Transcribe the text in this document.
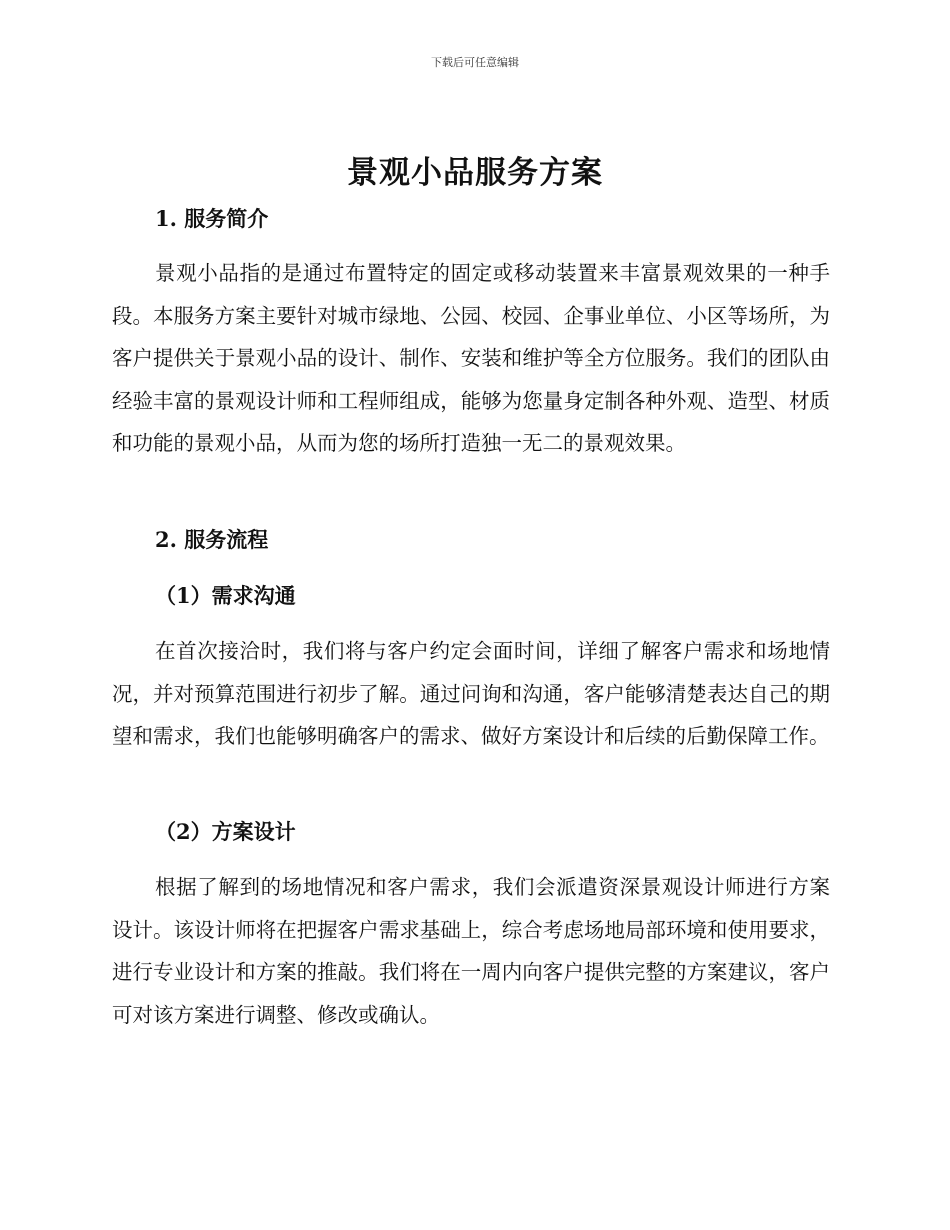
下载后可任意编辑
景观小品服务方案
1. 服务简介

景观小品指的是通过布置特定的固定或移动装置来丰富景观效果的一种手段。本服务方案主要针对城市绿地、公园、校园、企事业单位、小区等场所，为客户提供关于景观小品的设计、制作、安装和维护等全方位服务。我们的团队由经验丰富的景观设计师和工程师组成，能够为您量身定制各种外观、造型、材质和功能的景观小品，从而为您的场所打造独一无二的景观效果。

2. 服务流程
（1）需求沟通

在首次接洽时，我们将与客户约定会面时间，详细了解客户需求和场地情况，并对预算范围进行初步了解。通过问询和沟通，客户能够清楚表达自己的期望和需求，我们也能够明确客户的需求、做好方案设计和后续的后勤保障工作。

（2）方案设计

根据了解到的场地情况和客户需求，我们会派遣资深景观设计师进行方案设计。该设计师将在把握客户需求基础上，综合考虑场地局部环境和使用要求，进行专业设计和方案的推敲。我们将在一周内向客户提供完整的方案建议，客户可对该方案进行调整、修改或确认。
